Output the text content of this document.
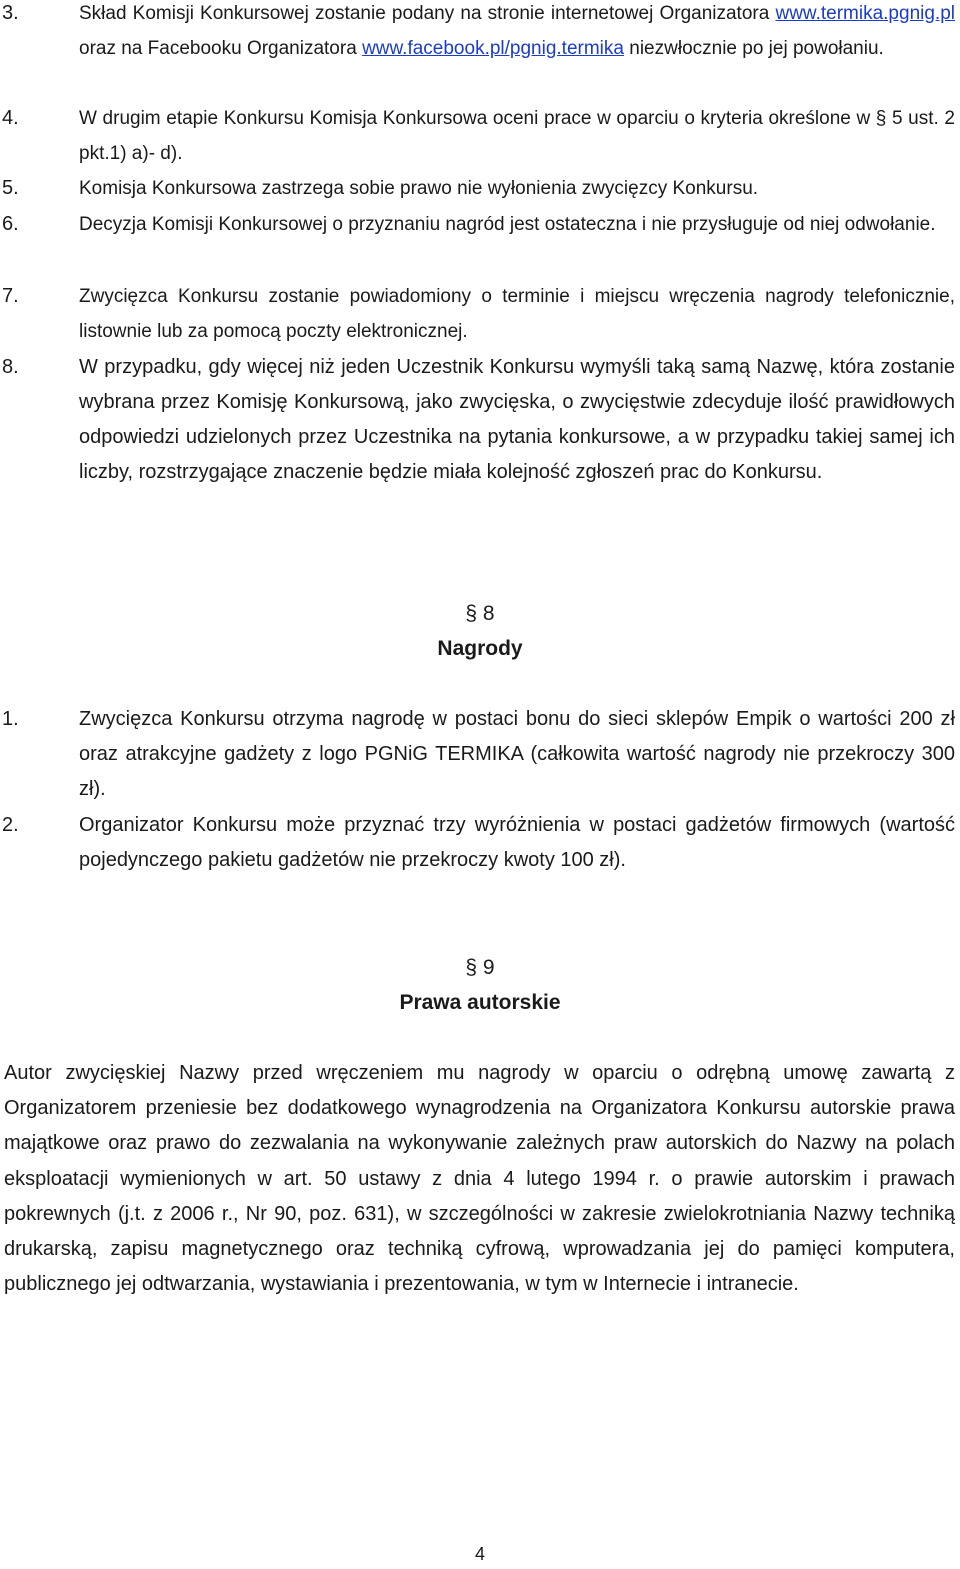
3.	Skład Komisji Konkursowej zostanie podany na stronie internetowej Organizatora www.termika.pgnig.pl oraz na Facebooku Organizatora www.facebook.pl/pgnig.termika niezwłocznie po jej powołaniu.
4.	W drugim etapie Konkursu Komisja Konkursowa oceni prace w oparciu o kryteria określone w § 5 ust. 2 pkt.1) a)- d).
5.	Komisja Konkursowa zastrzega sobie prawo nie wyłonienia zwycięzcy Konkursu.
6.	Decyzja Komisji Konkursowej o przyznaniu nagród jest ostateczna i nie przysługuje od niej odwołanie.
7.	Zwycięzca Konkursu zostanie powiadomiony o terminie i miejscu wręczenia nagrody telefonicznie, listownie lub za pomocą poczty elektronicznej.
8.	W przypadku, gdy więcej niż jeden Uczestnik Konkursu wymyśli taką samą Nazwę, która zostanie wybrana przez Komisję Konkursową, jako zwycięska, o zwycięstwie zdecyduje ilość prawidłowych odpowiedzi udzielonych przez Uczestnika na pytania konkursowe, a w przypadku takiej samej ich liczby, rozstrzygające znaczenie będzie miała kolejność zgłoszeń prac do Konkursu.
§ 8
Nagrody
1.	Zwycięzca Konkursu otrzyma nagrodę w postaci bonu do sieci sklepów Empik o wartości 200 zł oraz atrakcyjne gadżety z logo PGNiG TERMIKA (całkowita wartość nagrody nie przekroczy 300 zł).
2.	Organizator Konkursu może przyznać trzy wyróżnienia w postaci gadżetów firmowych (wartość pojedynczego pakietu gadżetów nie przekroczy kwoty 100 zł).
§ 9
Prawa autorskie
Autor zwycięskiej Nazwy przed wręczeniem mu nagrody w oparciu o odrębną umowę zawartą z Organizatorem przeniesie bez dodatkowego wynagrodzenia na Organizatora Konkursu autorskie prawa majątkowe oraz prawo do zezwalania na wykonywanie zależnych praw autorskich do Nazwy na polach eksploatacji wymienionych w art. 50 ustawy z dnia 4 lutego 1994 r. o prawie autorskim i prawach pokrewnych (j.t. z 2006 r., Nr 90, poz. 631), w szczególności w zakresie zwielokrotniania Nazwy techniką drukarską, zapisu magnetycznego oraz techniką cyfrową, wprowadzania jej do pamięci komputera, publicznego jej odtwarzania, wystawiania i prezentowania, w tym w Internecie i intranecie.
4
